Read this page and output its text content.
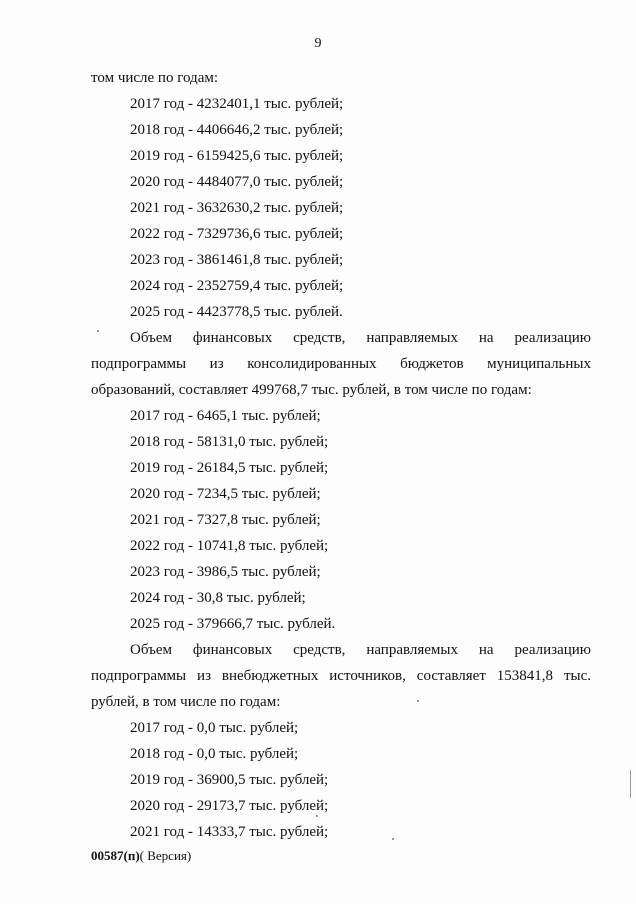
9
том числе по годам:
2017 год - 4232401,1 тыс. рублей;
2018 год - 4406646,2 тыс. рублей;
2019 год - 6159425,6 тыс. рублей;
2020 год - 4484077,0 тыс. рублей;
2021 год - 3632630,2 тыс. рублей;
2022 год - 7329736,6 тыс. рублей;
2023 год - 3861461,8 тыс. рублей;
2024 год - 2352759,4 тыс. рублей;
2025 год - 4423778,5 тыс. рублей.
Объем финансовых средств, направляемых на реализацию
подпрограммы из консолидированных бюджетов муниципальных
образований, составляет 499768,7 тыс. рублей, в том числе по годам:
2017 год - 6465,1 тыс. рублей;
2018 год - 58131,0 тыс. рублей;
2019 год - 26184,5 тыс. рублей;
2020 год - 7234,5 тыс. рублей;
2021 год - 7327,8 тыс. рублей;
2022 год - 10741,8 тыс. рублей;
2023 год - 3986,5 тыс. рублей;
2024 год - 30,8 тыс. рублей;
2025 год - 379666,7 тыс. рублей.
Объем финансовых средств, направляемых на реализацию
подпрограммы из внебюджетных источников, составляет 153841,8 тыс.
рублей, в том числе по годам:
2017 год - 0,0 тыс. рублей;
2018 год - 0,0 тыс. рублей;
2019 год - 36900,5 тыс. рублей;
2020 год - 29173,7 тыс. рублей;
2021 год - 14333,7 тыс. рублей;
00587(п)( Версия)
